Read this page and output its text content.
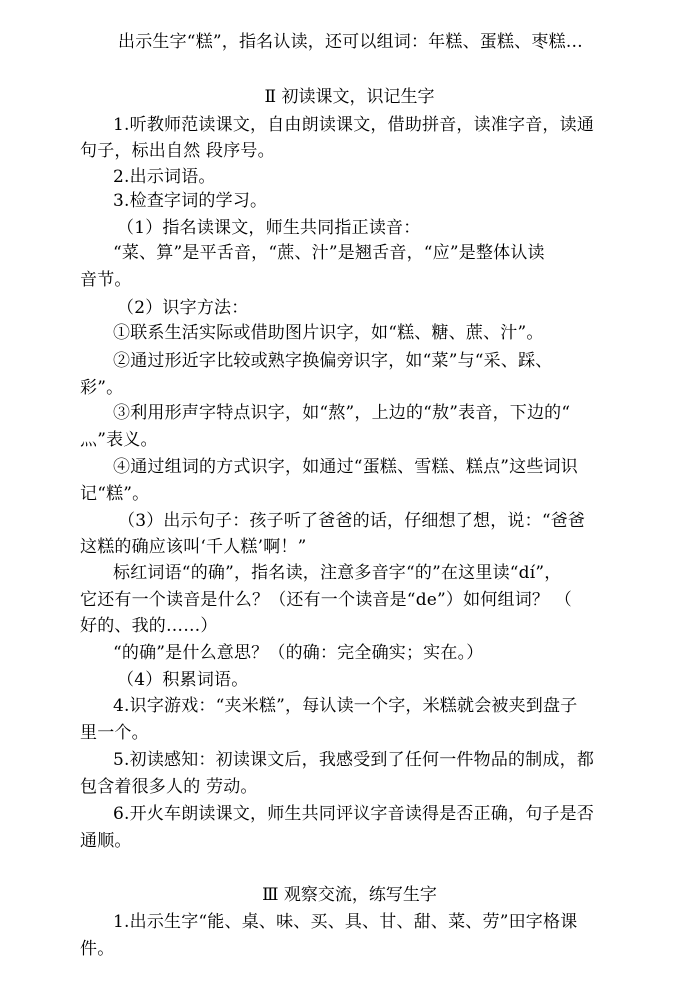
出示生字“糕”，指名认读，还可以组词：年糕、蛋糕、枣糕…
Ⅱ 初读课文，识记生字
1.听教师范读课文，自由朗读课文，借助拼音，读准字音，读通
句子，标出自然 段序号。
2.出示词语。
3.检查字词的学习。
（1）指名读课文，师生共同指正读音：
“菜、算”是平舌音，“蔗、汁”是翘舌音，“应”是整体认读
音节。
（2）识字方法：
①联系生活实际或借助图片识字，如“糕、糖、蔗、汁”。
②通过形近字比较或熟字换偏旁识字，如“菜”与“采、踩、
彩”。
③利用形声字特点识字，如“熬”，上边的“敖”表音，下边的“
灬”表义。
④通过组词的方式识字，如通过“蛋糕、雪糕、糕点”这些词识
记“糕”。
（3）出示句子：孩子听了爸爸的话，仔细想了想，说：“爸爸
这糕的确应该叫‘千人糕’啊！”
标红词语“的确”，指名读，注意多音字“的”在这里读“dí”，
它还有一个读音是什么？（还有一个读音是“de”）如何组词？ （
好的、我的……）
“的确”是什么意思？（的确：完全确实；实在。）
（4）积累词语。
4.识字游戏：“夹米糕”，每认读一个字，米糕就会被夹到盘子
里一个。
5.初读感知：初读课文后，我感受到了任何一件物品的制成，都
包含着很多人的 劳动。
6.开火车朗读课文，师生共同评议字音读得是否正确，句子是否
通顺。
Ⅲ 观察交流，练写生字
1.出示生字“能、桌、味、买、具、甘、甜、菜、劳”田字格课
件。
